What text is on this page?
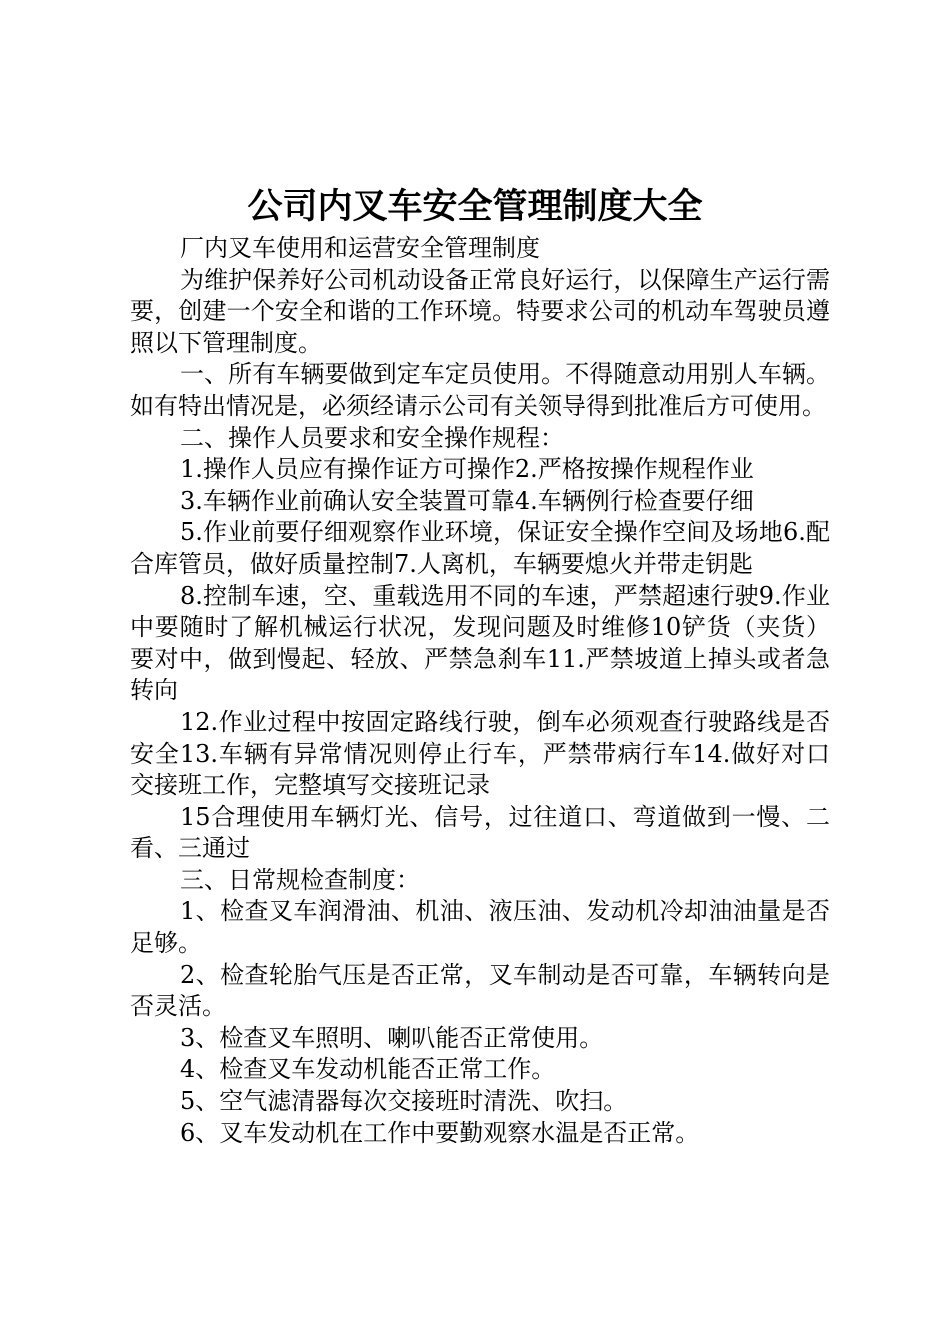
公司内叉车安全管理制度大全

厂内叉车使用和运营安全管理制度

为维护保养好公司机动设备正常良好运行，以保障生产运行需要，创建一个安全和谐的工作环境。特要求公司的机动车驾驶员遵照以下管理制度。

一、所有车辆要做到定车定员使用。不得随意动用别人车辆。如有特出情况是，必须经请示公司有关领导得到批准后方可使用。

二、操作人员要求和安全操作规程：

1.操作人员应有操作证方可操作2.严格按操作规程作业

3.车辆作业前确认安全装置可靠4.车辆例行检查要仔细

5.作业前要仔细观察作业环境，保证安全操作空间及场地6.配合库管员，做好质量控制7.人离机，车辆要熄火并带走钥匙

8.控制车速，空、重载选用不同的车速，严禁超速行驶9.作业中要随时了解机械运行状况，发现问题及时维修10铲货（夹货）要对中，做到慢起、轻放、严禁急刹车11.严禁坡道上掉头或者急转向

12.作业过程中按固定路线行驶，倒车必须观查行驶路线是否安全13.车辆有异常情况则停止行车，严禁带病行车14.做好对口交接班工作，完整填写交接班记录

15合理使用车辆灯光、信号，过往道口、弯道做到一慢、二看、三通过

三、日常规检查制度：

1、检查叉车润滑油、机油、液压油、发动机冷却油油量是否足够。

2、检查轮胎气压是否正常，叉车制动是否可靠，车辆转向是否灵活。

3、检查叉车照明、喇叭能否正常使用。

4、检查叉车发动机能否正常工作。

5、空气滤清器每次交接班时清洗、吹扫。

6、叉车发动机在工作中要勤观察水温是否正常。
